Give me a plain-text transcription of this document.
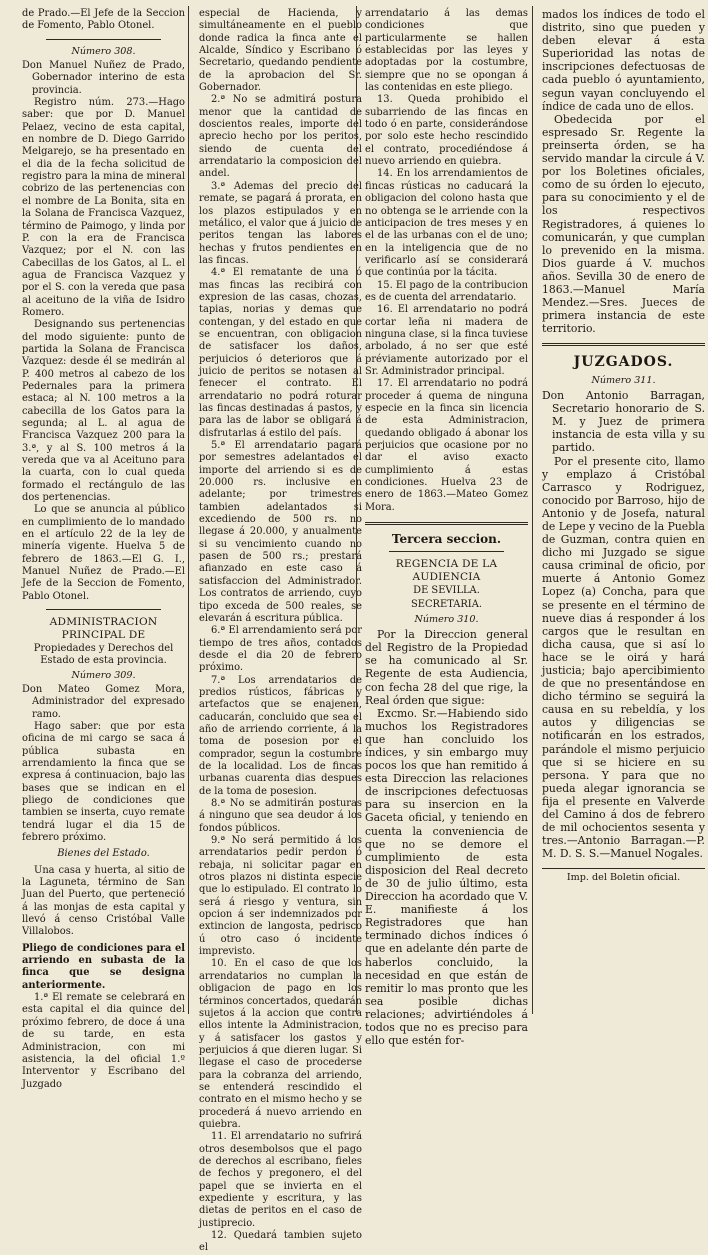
de Prado.—El Jefe de la Seccion de Fomento, Pablo Otonel.

Número 308.

Don Manuel Nuñez de Prado, Gobernador interino de esta provincia.

Registro núm. 273.—Hago saber: que por D. Manuel Pelaez, vecino de esta capital, en nombre de D. Diego Garrido Melgarejo, se ha presentado en el dia de la fecha solicitud de registro para la mina de mineral cobrizo de las pertenencias con el nombre de La Bonita, sita en la Solana de Francisca Vazquez, término de Paimogo, y linda por P. con la era de Francisca Vazquez; por el N. con las Cabecillas de los Gatos, al L. el agua de Francisca Vazquez y por el S. con la vereda que pasa al aceituno de la viña de Isidro Romero.

Designando sus pertenencias del modo siguiente: punto de partida la Solana de Francisca Vazquez: desde él se medirán al P. 400 metros al cabezo de los Pedernales para la primera estaca; al N. 100 metros a la cabecilla de los Gatos para la segunda; al L. al agua de Francisca Vazquez 200 para la 3.ª, y al S. 100 metros á la vereda que va al Aceituno para la cuarta, con lo cual queda formado el rectángulo de las dos pertenencias.

Lo que se anuncia al público en cumplimiento de lo mandado en el artículo 22 de la ley de minería vigente. Huelva 5 de febrero de 1863.—El G. I., Manuel Nuñez de Prado.—El Jefe de la Seccion de Fomento, Pablo Otonel.

ADMINISTRACION PRINCIPAL DE

Propiedades y Derechos del Estado de esta provincia.

Número 309.

Don Mateo Gomez Mora, Administrador del expresado ramo.

Hago saber: que por esta oficina de mi cargo se saca á pública subasta en arrendamiento la finca que se expresa á continuacion, bajo las bases que se indican en el pliego de condiciones que tambien se inserta, cuyo remate tendrá lugar el dia 15 de febrero próximo.

Bienes del Estado.

Una casa y huerta, al sitio de la Laguneta, término de San Juan del Puerto, que perteneció á las monjas de esta capital y llevó á censo Cristóbal Valle Villalobos.

Pliego de condiciones para el arriendo en subasta de la finca que se designa anteriormente.

1.ª El remate se celebrará en esta capital el dia quince del próximo febrero, de doce á una de su tarde, en esta Administracion, con mi asistencia, la del oficial 1.º Interventor y Escribano del Juzgado

especial de Hacienda, y simultáneamente en el pueblo donde radica la finca ante el Alcalde, Síndico y Escribano ó Secretario, quedando pendiente de la aprobacion del Sr. Gobernador.

2.ª No se admitirá postura menor que la cantidad de doscientos reales, importe del aprecio hecho por los peritos, siendo de cuenta del arrendatario la composicion del andel.

3.ª Ademas del precio del remate, se pagará á prorata, en los plazos estipulados y en metálico, el valor que á juicio de peritos tengan las labores hechas y frutos pendientes en las fincas.

4.ª El rematante de una ó mas fincas las recibirá con expresion de las casas, chozas, tapias, norias y demas que contengan, y del estado en que se encuentran, con obligacion de satisfacer los daños, perjuicios ó deterioros que á juicio de peritos se notasen al fenecer el contrato. El arrendatario no podrá roturar las fincas destinadas á pastos, y para las de labor se obligará á disfrutarlas á estilo del país.

5.ª El arrendatario pagará por semestres adelantados el importe del arriendo si es de 20.000 rs. inclusive en adelante; por trimestres tambien adelantados si excediendo de 500 rs. no llegase á 20.000, y anualmente si su vencimiento cuando no pasen de 500 rs.; prestará afianzado en este caso á satisfaccion del Administrador. Los contratos de arriendo, cuyo tipo exceda de 500 reales, se elevarán á escritura pública.

6.ª El arrendamiento será por tiempo de tres años, contados desde el dia 20 de febrero próximo.

7.ª Los arrendatarios de predios rústicos, fábricas y artefactos que se enajenen, caducarán, concluido que sea el año de arriendo corriente, á la toma de posesion por el comprador, segun la costumbre de la localidad. Los de fincas urbanas cuarenta dias despues de la toma de posesion.

8.ª No se admitirán posturas á ninguno que sea deudor á los fondos públicos.

9.ª No será permitido á los arrendatarios pedir perdon ó rebaja, ni solicitar pagar en otros plazos ni distinta especie que lo estipulado. El contrato lo será á riesgo y ventura, sin opcion á ser indemnizados por extincion de langosta, pedrisco ú otro caso ó incidente imprevisto.

10. En el caso de que los arrendatarios no cumplan la obligacion de pago en los términos concertados, quedarán sujetos á la accion que contra ellos intente la Administracion, y á satisfacer los gastos y perjuicios á que dieren lugar. Si llegase el caso de procederse para la cobranza del arriendo, se entenderá rescindido el contrato en el mismo hecho y se procederá á nuevo arriendo en quiebra.

11. El arrendatario no sufrirá otros desembolsos que el pago de derechos al escribano, fieles de fechos y pregonero, el del papel que se invierta en el expediente y escritura, y las dietas de peritos en el caso de justiprecio.

12. Quedará tambien sujeto el

arrendatario á las demas condiciones que particularmente se hallen establecidas por las leyes y adoptadas por la costumbre, siempre que no se opongan á las contenidas en este pliego.

13. Queda prohibido el subarriendo de las fincas en todo ó en parte, considerándose por solo este hecho rescindido el contrato, procediéndose á nuevo arriendo en quiebra.

14. En los arrendamientos de fincas rústicas no caducará la obligacion del colono hasta que no obtenga se le arriende con la anticipacion de tres meses y en el de las urbanas con el de uno; en la inteligencia que de no verificarlo así se considerará que continúa por la tácita.

15. El pago de la contribucion es de cuenta del arrendatario.

16. El arrendatario no podrá cortar leña ni madera de ninguna clase, si la finca tuviese arbolado, á no ser que esté préviamente autorizado por el Sr. Administrador principal.

17. El arrendatario no podrá proceder á quema de ninguna especie en la finca sin licencia de esta Administracion, quedando obligado á abonar los perjuicios que ocasione por no dar el aviso exacto cumplimiento á estas condiciones. Huelva 23 de enero de 1863.—Mateo Gomez Mora.

Tercera seccion.

REGENCIA DE LA AUDIENCIA

DE SEVILLA.

SECRETARIA.

Número 310.

Por la Direccion general del Registro de la Propiedad se ha comunicado al Sr. Regente de esta Audiencia, con fecha 28 del que rige, la Real órden que sigue:

Excmo. Sr.—Habiendo sido muchos los Registradores que han concluido los índices, y sin embargo muy pocos los que han remitido á esta Direccion las relaciones de inscripciones defectuosas para su insercion en la Gaceta oficial, y teniendo en cuenta la conveniencia de que no se demore el cumplimiento de esta disposicion del Real decreto de 30 de julio último, esta Direccion ha acordado que V. E. manifieste á los Registradores que han terminado dichos índices ó que en adelante dén parte de haberlos concluido, la necesidad en que están de remitir lo mas pronto que les sea posible dichas relaciones; advirtiéndoles á todos que no es preciso para ello que estén for-

mados los índices de todo el distrito, sino que pueden y deben elevar á esta Superioridad las notas de inscripciones defectuosas de cada pueblo ó ayuntamiento, segun vayan concluyendo el índice de cada uno de ellos.

Obedecida por el espresado Sr. Regente la preinserta órden, se ha servido mandar la circule á V. por los Boletines oficiales, como de su órden lo ejecuto, para su conocimiento y el de los respectivos Registradores, á quienes lo comunicarán, y que cumplan lo prevenido en la misma. Dios guarde á V. muchos años. Sevilla 30 de enero de 1863.—Manuel María Mendez.—Sres. Jueces de primera instancia de este territorio.

JUZGADOS.

Número 311.

Don Antonio Barragan, Secretario honorario de S. M. y Juez de primera instancia de esta villa y su partido.

Por el presente cito, llamo y emplazo á Cristóbal Carrasco y Rodriguez, conocido por Barroso, hijo de Antonio y de Josefa, natural de Lepe y vecino de la Puebla de Guzman, contra quien en dicho mi Juzgado se sigue causa criminal de oficio, por muerte á Antonio Gomez Lopez (a) Concha, para que se presente en el término de nueve dias á responder á los cargos que le resultan en dicha causa, que si así lo hace se le oirá y hará justicia; bajo apercibimiento de que no presentándose en dicho término se seguirá la causa en su rebeldía, y los autos y diligencias se notificarán en los estrados, parándole el mismo perjuicio que si se hiciere en su persona. Y para que no pueda alegar ignorancia se fija el presente en Valverde del Camino á dos de febrero de mil ochocientos sesenta y tres.—Antonio Barragan.—P. M. D. S. S.—Manuel Nogales.

Imp. del Boletin oficial.
